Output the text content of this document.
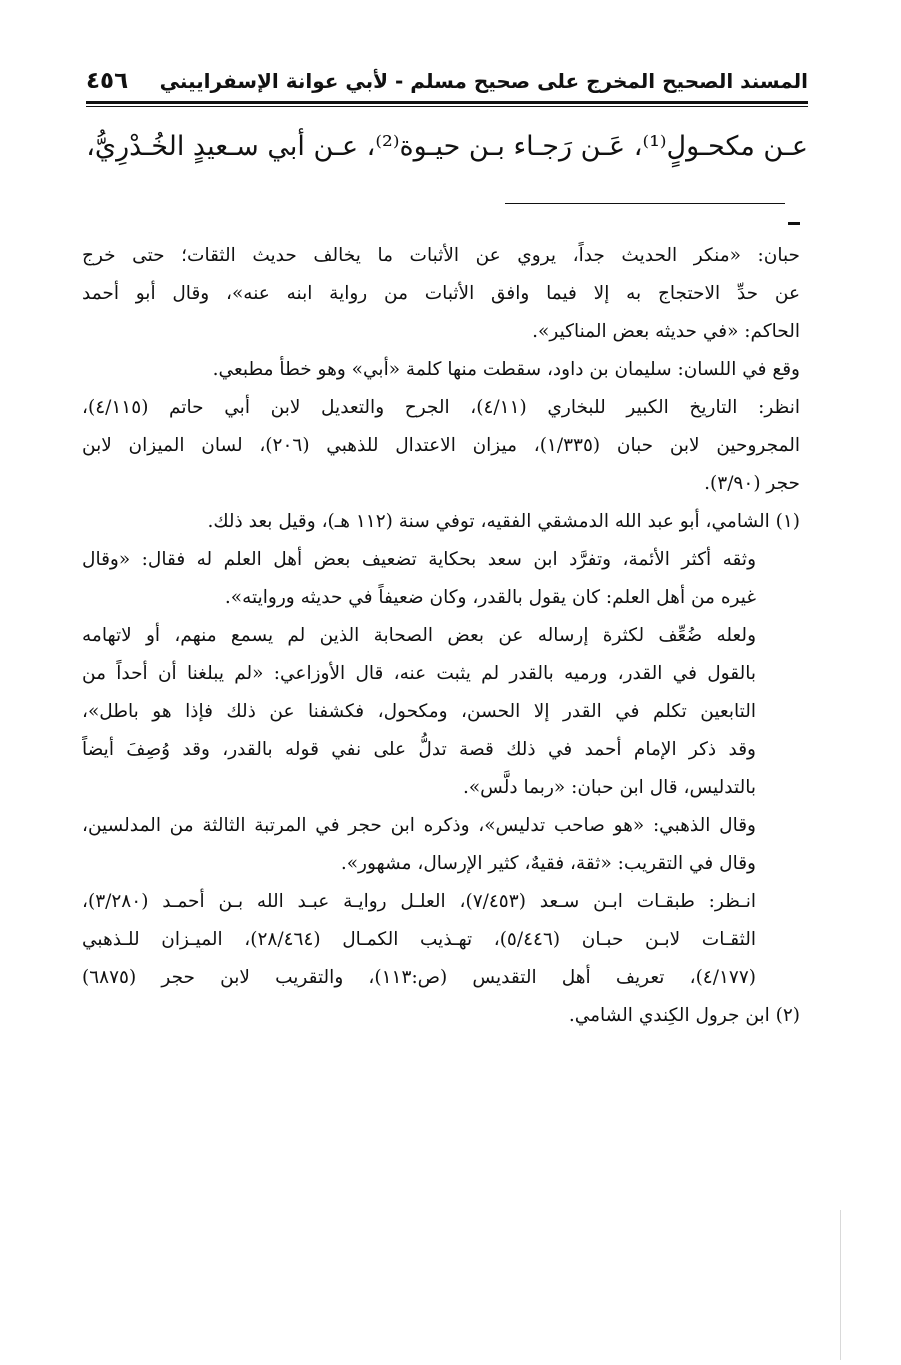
٤٥٦ المسند الصحيح المخرج على صحيح مسلم - لأبي عوانة الإسفراييني
عـن مكحـولٍ⁽¹⁾، عَـن رَجـاء بـن حيـوة⁽²⁾، عـن أبي سـعيدٍ الخُـدْرِيُّ،
حبان: «منكر الحديث جداً، يروي عن الأثبات ما يخالف حديث الثقات؛ حتى خرج
عن حدِّ الاحتجاج به إلا فيما وافق الأثبات من رواية ابنه عنه»، وقال أبو أحمد
الحاكم: «في حديثه بعض المناكير».
وقع في اللسان: سليمان بن داود، سقطت منها كلمة «أبي» وهو خطأ مطبعي.
انظر: التاريخ الكبير للبخاري (٤/١١)، الجرح والتعديل لابن أبي حاتم (٤/١١٥)،
المجروحين لابن حبان (١/٣٣٥)، ميزان الاعتدال للذهبي (٢٠٦)، لسان الميزان لابن
حجر (٣/٩٠).
(١) الشامي، أبو عبد الله الدمشقي الفقيه، توفي سنة (١١٢ هـ)، وقيل بعد ذلك.
وثقه أكثر الأئمة، وتفرَّد ابن سعد بحكاية تضعيف بعض أهل العلم له فقال: «وقال
غيره من أهل العلم: كان يقول بالقدر، وكان ضعيفاً في حديثه وروايته».
ولعله ضُعِّف لكثرة إرساله عن بعض الصحابة الذين لم يسمع منهم، أو لاتهامه
بالقول في القدر، ورميه بالقدر لم يثبت عنه، قال الأوزاعي: «لم يبلغنا أن أحداً من
التابعين تكلم في القدر إلا الحسن، ومكحول، فكشفنا عن ذلك فإذا هو باطل»،
وقد ذكر الإمام أحمد في ذلك قصة تدلُّ على نفي قوله بالقدر، وقد وُصِفَ أيضاً
بالتدليس، قال ابن حبان: «ربما دلَّس».
وقال الذهبي: «هو صاحب تدليس»، وذكره ابن حجر في المرتبة الثالثة من المدلسين،
وقال في التقريب: «ثقة، فقيهٌ، كثير الإرسال، مشهور».
انـظر: طبقـات ابـن سـعد (٧/٤٥٣)، العلـل روايـة عبـد الله بـن أحمـد (٣/٢٨٠)،
الثقـات لابـن حبـان (٥/٤٤٦)، تهـذيب الكمـال (٢٨/٤٦٤)، الميـزان للـذهبي
(٤/١٧٧)، تعريف أهل التقديس (ص:١١٣)، والتقريب لابن حجر (٦٨٧٥)
(٢) ابن جرول الكِندي الشامي.
